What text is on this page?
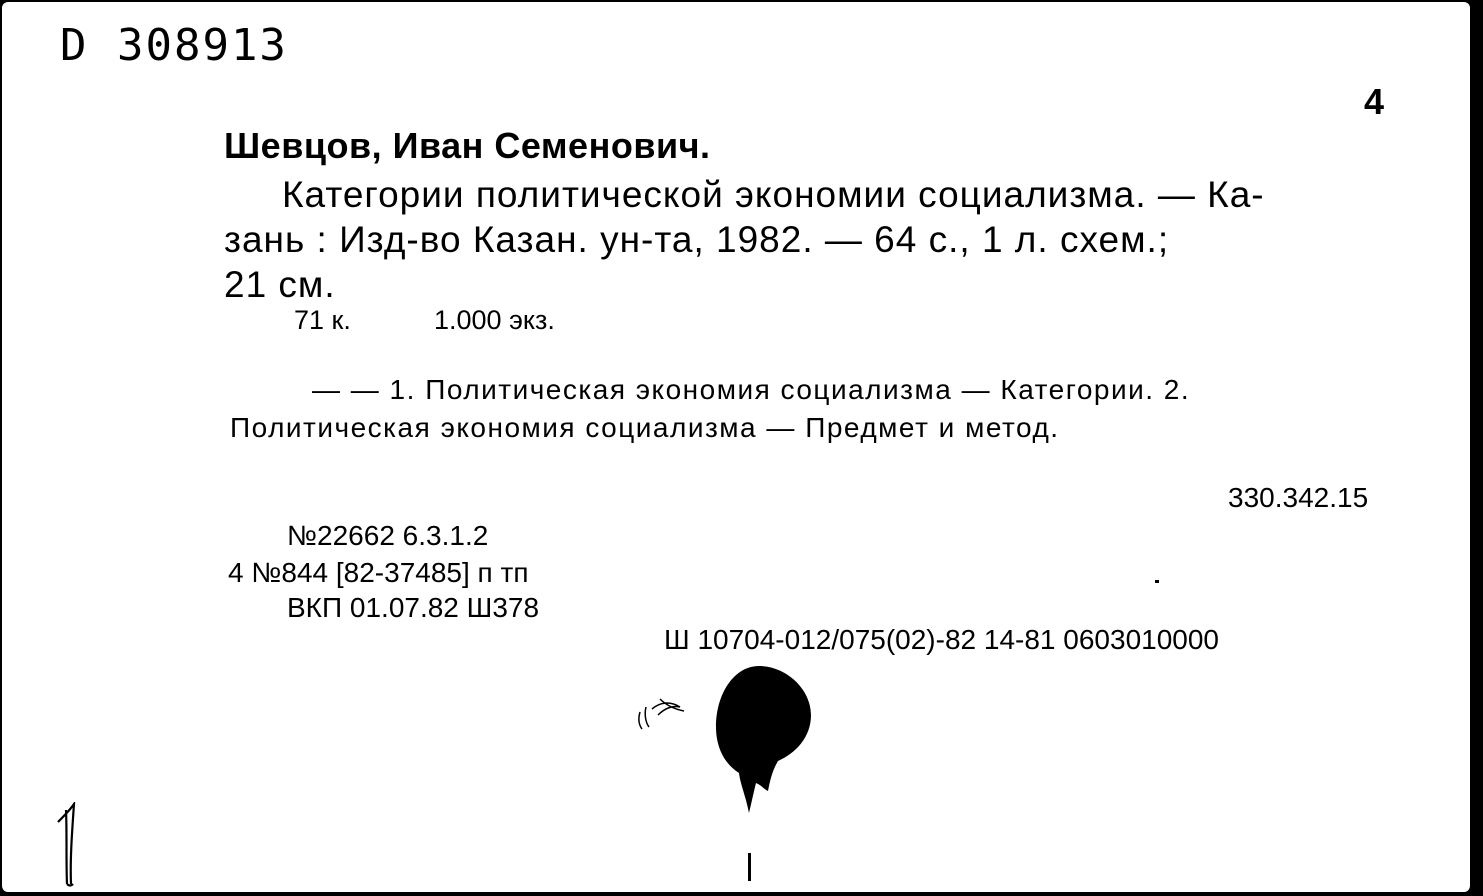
D 308913
4
Шевцов, Иван Семенович.
Категории политической экономии социализма. — Ка-
зань : Изд-во Казан. ун-та, 1982. — 64 с., 1 л. схем.;
21 см.
71 к.	1.000 экз.
— — 1. Политическая экономия социализма — Категории. 2.
Политическая экономия социализма — Предмет и метод.
330.342.15
№22662 6.3.1.2
4 №844 [82-37485] п тп
ВКП 01.07.82 Ш378
Ш 10704-012/075(02)-82 14-81 0603010000
